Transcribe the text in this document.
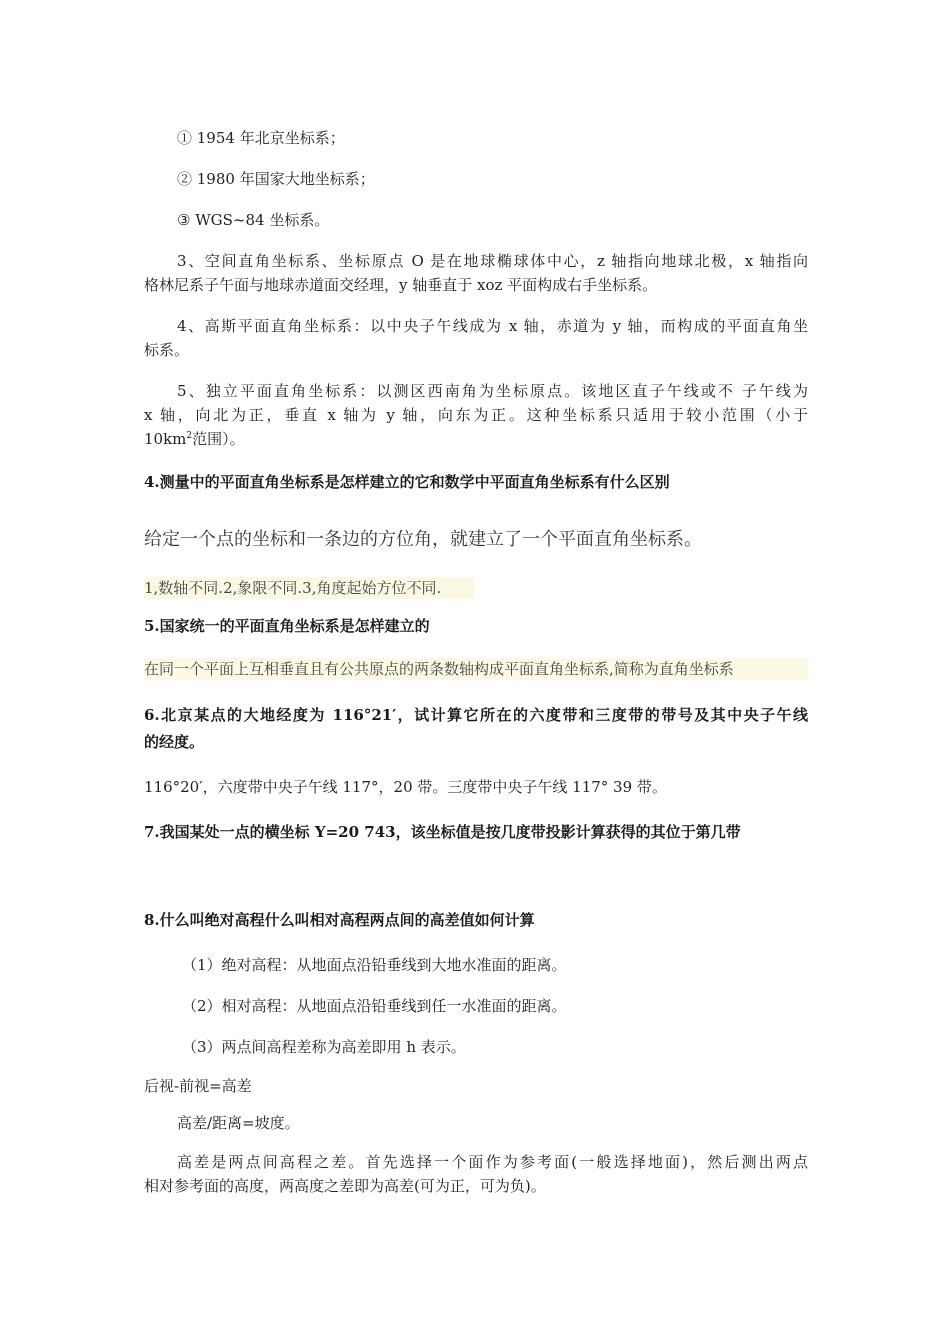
① 1954 年北京坐标系；
② 1980 年国家大地坐标系；
③ WGS~84 坐标系。
3、空间直角坐标系、坐标原点 O 是在地球椭球体中心，z 轴指向地球北极，x 轴指向
格林尼系子午面与地球赤道面交经理，y 轴垂直于 xoz 平面构成右手坐标系。
4、高斯平面直角坐标系：以中央子午线成为 x 轴，赤道为 y 轴，而构成的平面直角坐
标系。
5、独立平面直角坐标系：以测区西南角为坐标原点。该地区直子午线或不 子午线为
x 轴，向北为正，垂直 x 轴为 y 轴，向东为正。这种坐标系只适用于较小范围（小于
$10km^2$范围）。
4.测量中的平面直角坐标系是怎样建立的它和数学中平面直角坐标系有什么区别
给定一个点的坐标和一条边的方位角，就建立了一个平面直角坐标系。
1,数轴不同.2,象限不同.3,角度起始方位不同.
5.国家统一的平面直角坐标系是怎样建立的
在同一个平面上互相垂直且有公共原点的两条数轴构成平面直角坐标系,简称为直角坐标系
6.北京某点的大地经度为 116°21′，试计算它所在的六度带和三度带的带号及其中央子午线
的经度。
116°20′，六度带中央子午线 117°，20 带。三度带中央子午线 117° 39 带。
7.我国某处一点的横坐标 Y=20 743，该坐标值是按几度带投影计算获得的其位于第几带
8.什么叫绝对高程什么叫相对高程两点间的高差值如何计算
（1）绝对高程：从地面点沿铅垂线到大地水准面的距离。
（2）相对高程：从地面点沿铅垂线到任一水准面的距离。
（3）两点间高程差称为高差即用 h 表示。
后视-前视=高差
高差/距离=坡度。
高差是两点间高程之差。首先选择一个面作为参考面(一般选择地面)，然后测出两点
相对参考面的高度，两高度之差即为高差(可为正，可为负)。
